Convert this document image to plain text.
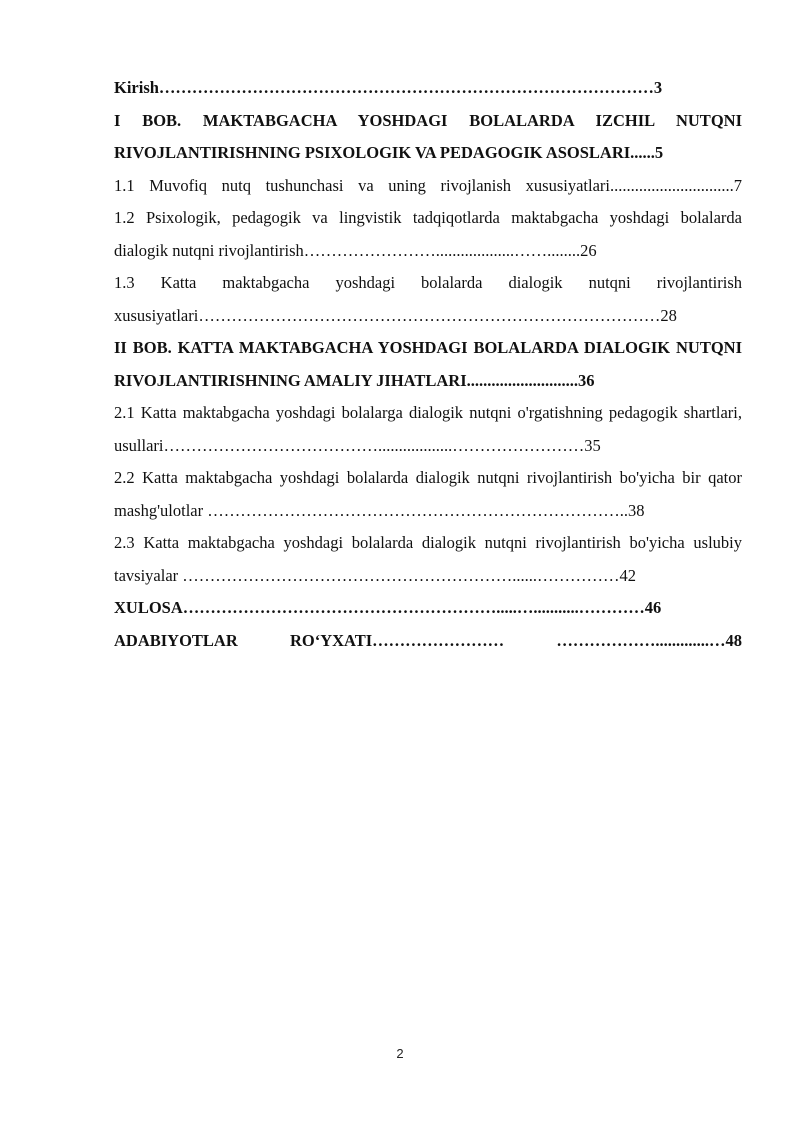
Kirish………………………………………………………………………………3

I BOB. MAKTABGACHA YOSHDAGI BOLALARDA IZCHIL NUTQNI RIVOJLANTIRISHNING PSIXOLOGIK VA PEDAGOGIK ASOSLARI......5

1.1 Muvofiq nutq tushunchasi va uning rivojlanish xususiyatlari..............................7

1.2 Psixologik, pedagogik va lingvistik tadqiqotlarda maktabgacha yoshdagi bolalarda dialogik nutqni rivojlantirish……………………...................……........26

1.3 Katta maktabgacha yoshdagi bolalarda dialogik nutqni rivojlantirish xususiyatlari…………………………………………………………………………28

II BOB. KATTA MAKTABGACHA YOSHDAGI BOLALARDA DIALOGIK NUTQNI RIVOJLANTIRISHNING AMALIY JIHATLARI...........................36

2.1 Katta maktabgacha yoshdagi bolalarga dialogik nutqni o'rgatishning pedagogik shartlari, usullari…………………………………..................……………………35

2.2 Katta maktabgacha yoshdagi bolalarda dialogik nutqni rivojlantirish bo'yicha bir qator mashg'ulotlar …………………………………………………………………..38

2.3 Katta maktabgacha yoshdagi bolalarda dialogik nutqni rivojlantirish bo'yicha uslubiy tavsiyalar ……………………………………………………......……………42

XULOSA………………………………………………….....…...........…………46

ADABIYOTLAR RO‘YXATI…………………… ……………….............…48

2
